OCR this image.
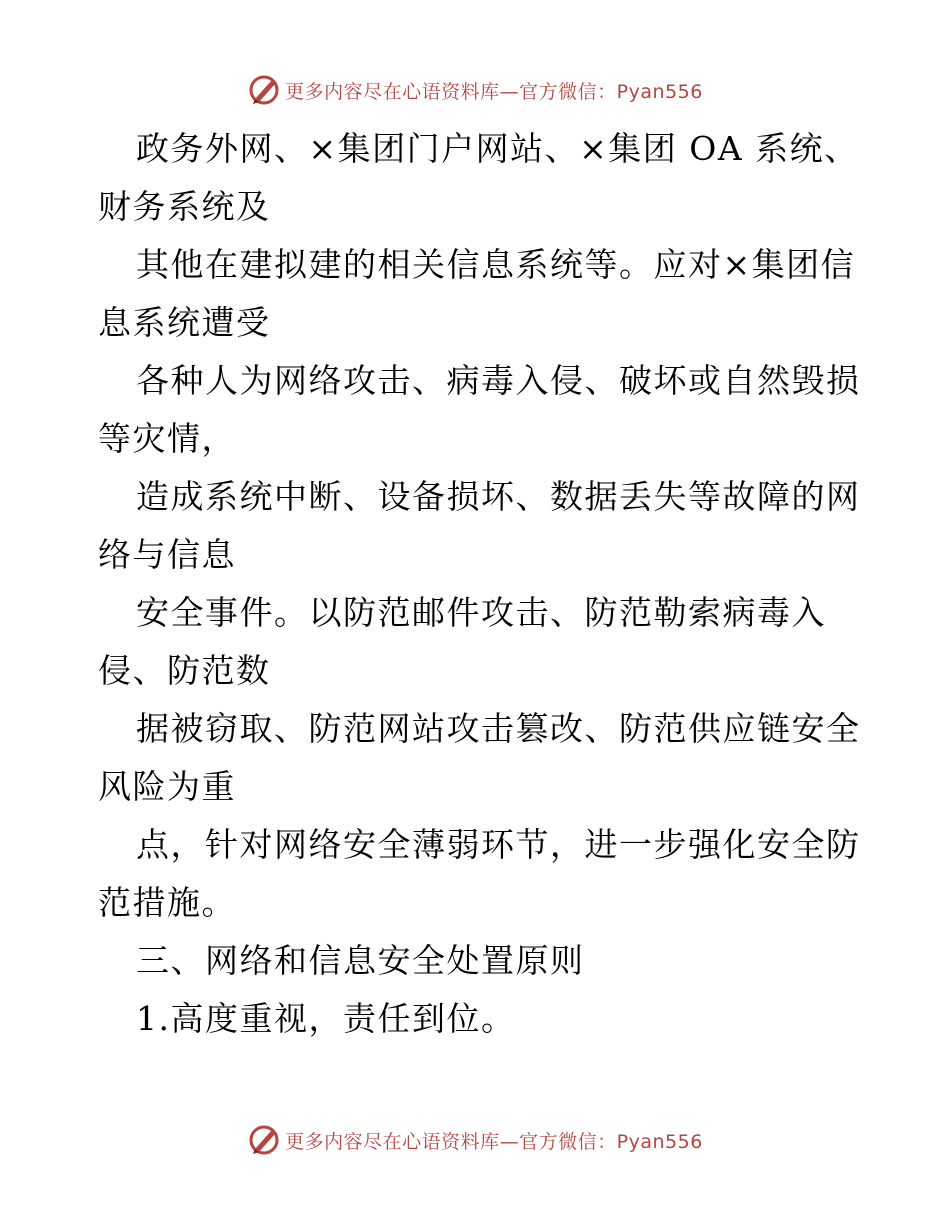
更多内容尽在心语资料库—官方微信：Pyan556
政务外网、×集团门户网站、×集团 OA 系统、
财务系统及
其他在建拟建的相关信息系统等。应对×集团信
息系统遭受
各种人为网络攻击、病毒入侵、破坏或自然毁损
等灾情，
造成系统中断、设备损坏、数据丢失等故障的网
络与信息
安全事件。以防范邮件攻击、防范勒索病毒入
侵、防范数
据被窃取、防范网站攻击篡改、防范供应链安全
风险为重
点，针对网络安全薄弱环节，进一步强化安全防
范措施。
三、网络和信息安全处置原则
1.高度重视，责任到位。
更多内容尽在心语资料库—官方微信：Pyan556
